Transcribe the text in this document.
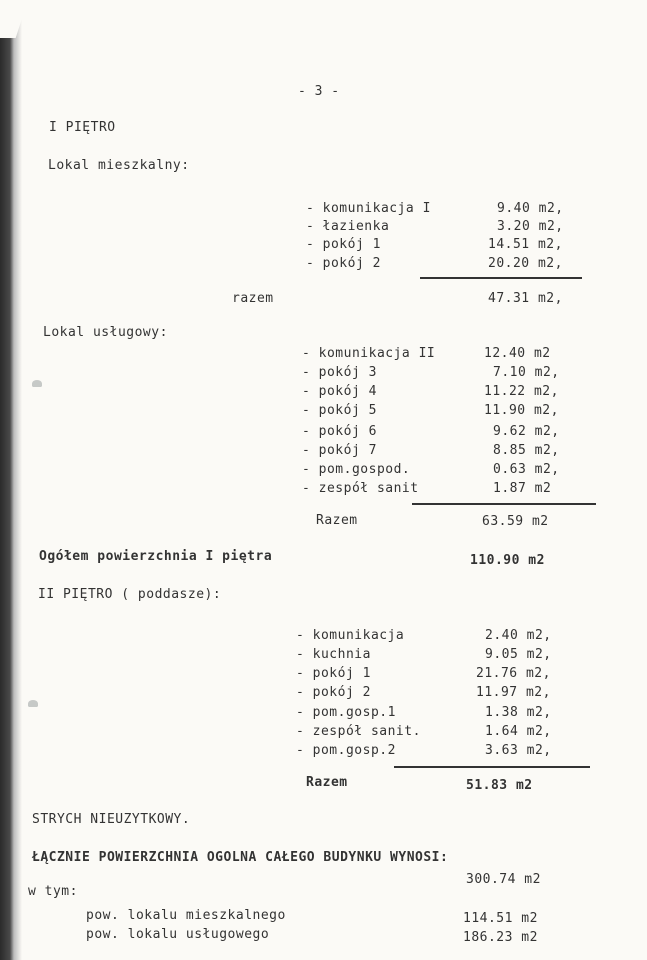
- 3 -
I PIĘTRO
Lokal mieszkalny:
- komunikacja I	9.40 m2,
- łazienka	3.20 m2,
- pokój 1	14.51 m2,
- pokój 2	20.20 m2,
razem	47.31 m2,
Lokal usługowy:
- komunikacja II	12.40 m2
- pokój 3	7.10 m2,
- pokój 4	11.22 m2,
- pokój 5	11.90 m2,
- pokój 6	9.62 m2,
- pokój 7	8.85 m2,
- pom.gospod.	0.63 m2,
- zespół sanit	1.87 m2
Razem	63.59 m2
Ogółem powierzchnia I piętra	110.90 m2
II PIĘTRO ( poddasze):
- komunikacja	2.40 m2,
- kuchnia	9.05 m2,
- pokój 1	21.76 m2,
- pokój 2	11.97 m2,
- pom.gosp.1	1.38 m2,
- zespół sanit.	1.64 m2,
- pom.gosp.2	3.63 m2,
Razem	51.83 m2
STRYCH NIEUZYTKOWY.
ŁĄCZNIE POWIERZCHNIA OGOLNA CAŁEGO BUDYNKU WYNOSI:
300.74 m2
w tym:
pow. lokalu mieszkalnego	114.51 m2
pow. lokalu usługowego	186.23 m2
